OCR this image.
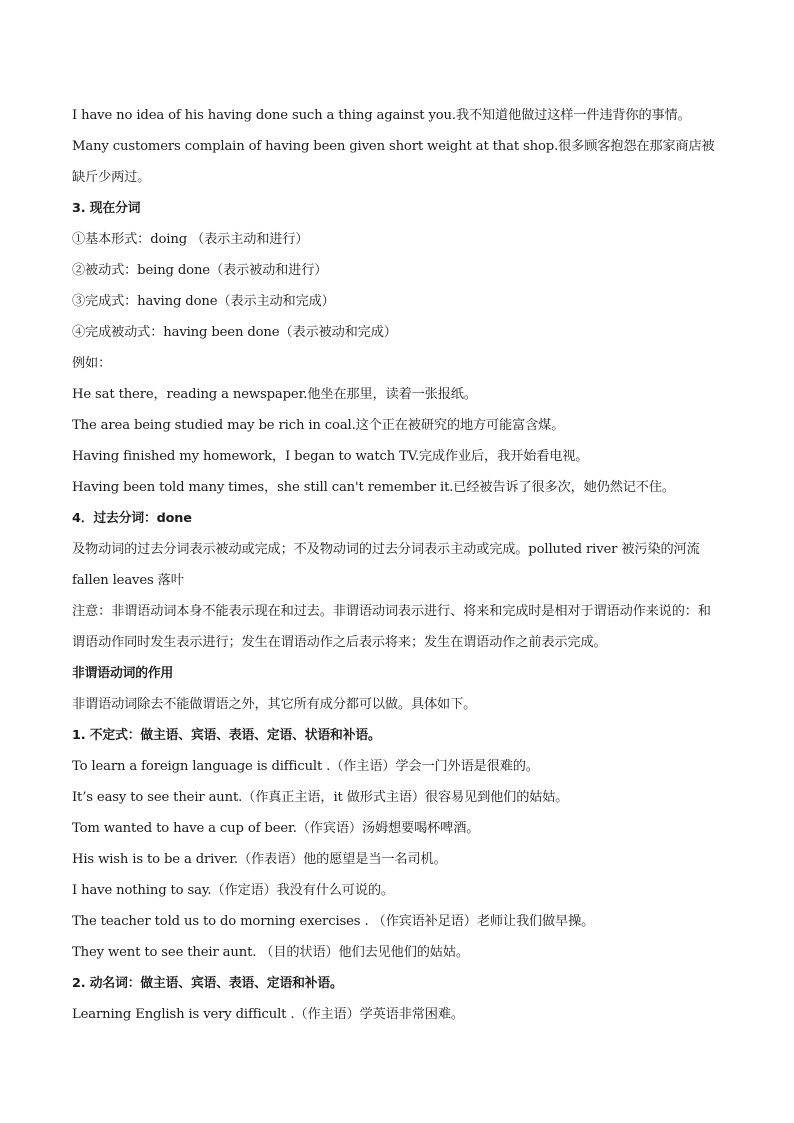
I have no idea of his having done such a thing against you.我不知道他做过这样一件违背你的事情。
Many customers complain of having been given short weight at that shop.很多顾客抱怨在那家商店被缺斤少两过。
3. 现在分词
①基本形式：doing （表示主动和进行）
②被动式：being done（表示被动和进行）
③完成式：having done（表示主动和完成）
④完成被动式：having been done（表示被动和完成）
例如：
He sat there，reading a newspaper.他坐在那里，读着一张报纸。
The area being studied may be rich in coal.这个正在被研究的地方可能富含煤。
Having finished my homework，I began to watch TV.完成作业后，我开始看电视。
Having been told many times，she still can't remember it.已经被告诉了很多次，她仍然记不住。
4．过去分词：done
及物动词的过去分词表示被动或完成；不及物动词的过去分词表示主动或完成。polluted river 被污染的河流 fallen leaves 落叶
注意：非谓语动词本身不能表示现在和过去。非谓语动词表示进行、将来和完成时是相对于谓语动作来说的：和谓语动作同时发生表示进行；发生在谓语动作之后表示将来；发生在谓语动作之前表示完成。
非谓语动词的作用
非谓语动词除去不能做谓语之外，其它所有成分都可以做。具体如下。
1. 不定式：做主语、宾语、表语、定语、状语和补语。
To learn a foreign language is difficult .（作主语）学会一门外语是很难的。
It’s easy to see their aunt.（作真正主语，it 做形式主语）很容易见到他们的姑姑。
Tom wanted to have a cup of beer.（作宾语）汤姆想要喝杯啤酒。
His wish is to be a driver.（作表语）他的愿望是当一名司机。
I have nothing to say.（作定语）我没有什么可说的。
The teacher told us to do morning exercises . （作宾语补足语）老师让我们做早操。
They went to see their aunt. （目的状语）他们去见他们的姑姑。
2. 动名词：做主语、宾语、表语、定语和补语。
Learning English is very difficult .（作主语）学英语非常困难。
